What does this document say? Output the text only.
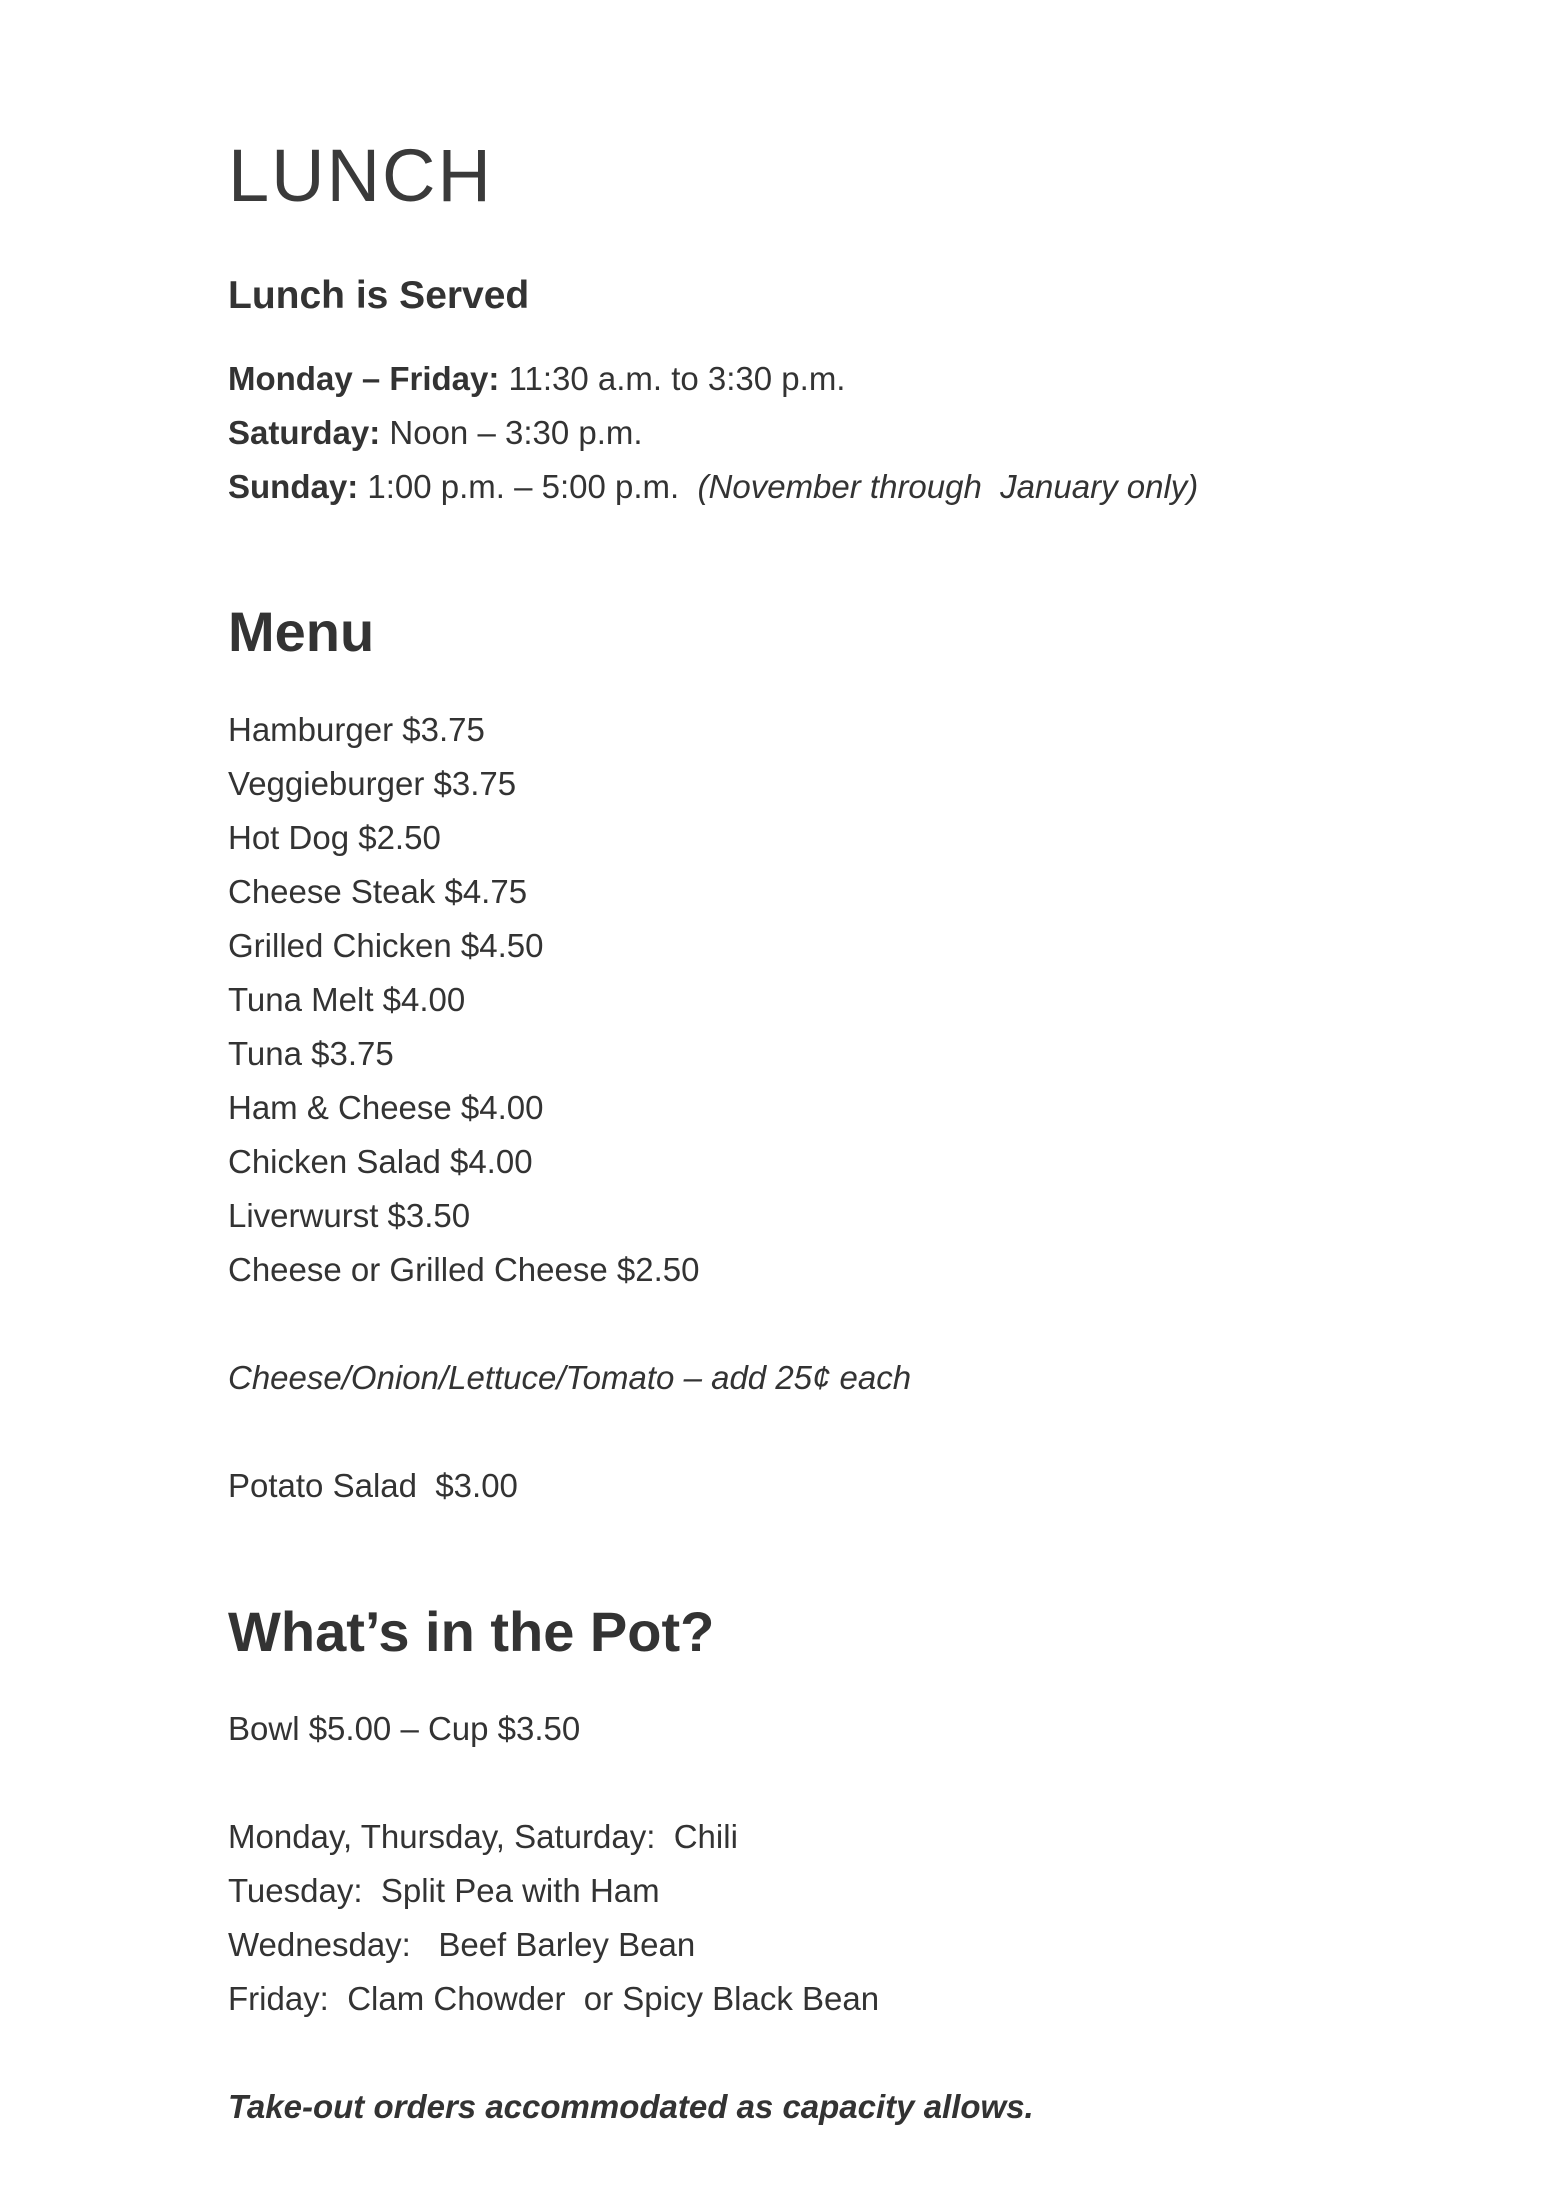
LUNCH
Lunch is Served
Monday – Friday: 11:30 a.m. to 3:30 p.m.
Saturday: Noon – 3:30 p.m.
Sunday: 1:00 p.m. – 5:00 p.m.  (November through  January only)
Menu
Hamburger $3.75
Veggieburger $3.75
Hot Dog $2.50
Cheese Steak $4.75
Grilled Chicken $4.50
Tuna Melt $4.00
Tuna $3.75
Ham & Cheese $4.00
Chicken Salad $4.00
Liverwurst $3.50
Cheese or Grilled Cheese $2.50
Cheese/Onion/Lettuce/Tomato – add 25¢ each
Potato Salad  $3.00
What’s in the Pot?
Bowl $5.00 – Cup $3.50
Monday, Thursday, Saturday:  Chili
Tuesday:  Split Pea with Ham
Wednesday:   Beef Barley Bean
Friday:  Clam Chowder  or Spicy Black Bean
Take-out orders accommodated as capacity allows.
